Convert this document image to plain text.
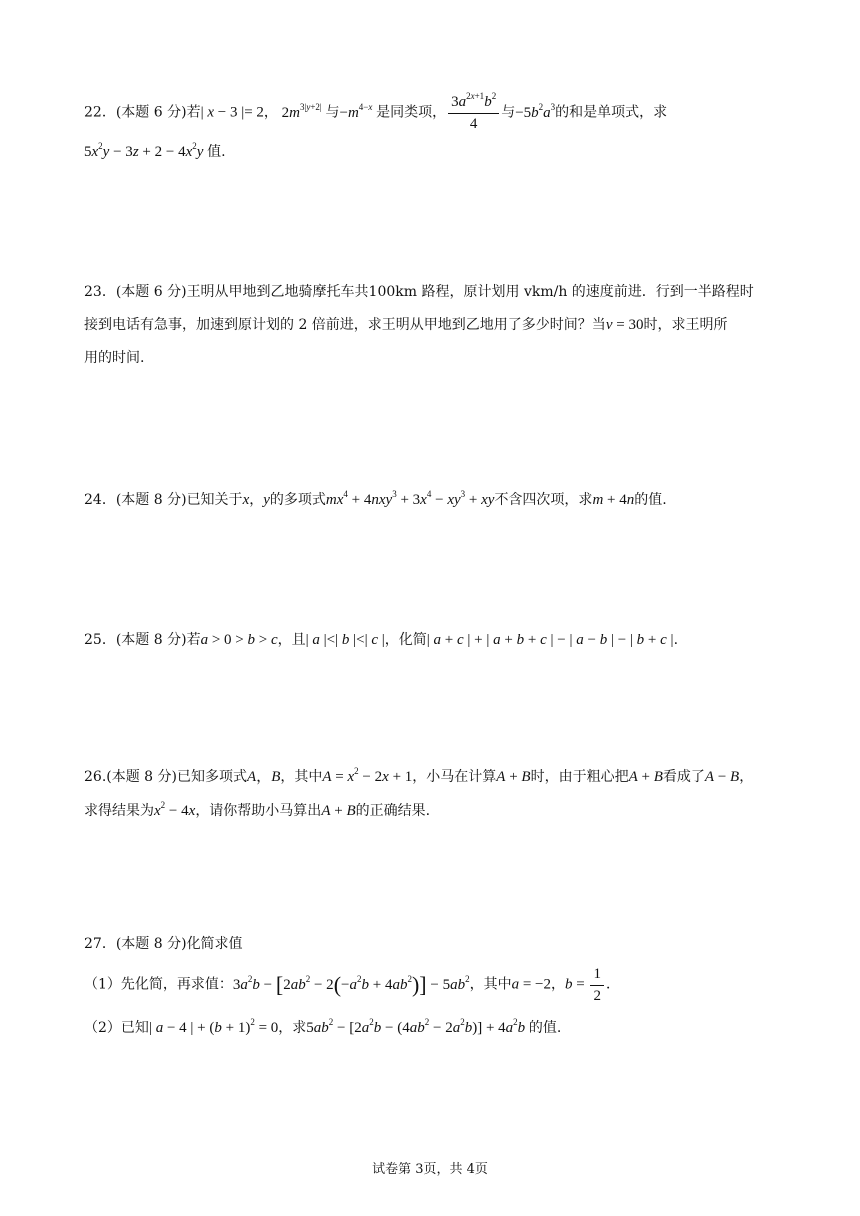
22．(本题 6 分)若| x − 3 |= 2， $2m^{3|y+2|}$ 与$-m^{4-x}$ 是同类项， $\frac{3a^{2x+1}b^2}{4}$ 与$-5b^2a^3$的和是单项式，求
$5x^2y - 3z + 2 - 4x^2y$ 值.
23．(本题 6 分)王明从甲地到乙地骑摩托车共100km 路程，原计划用 vkm/h 的速度前进．行到一半路程时
接到电话有急事，加速到原计划的 2 倍前进，求王明从甲地到乙地用了多少时间？当v = 30时，求王明所
用的时间.
24．(本题 8 分)已知关于x，y的多项式$mx^4 + 4nxy^3 + 3x^4 - xy^3$ + xy不含四次项，求m + 4n的值.
25．(本题 8 分)若a > 0 > b > c，且| a |<| b |<| c |，化简| a + c | + | a + b + c | − | a − b | − | b + c |.
26.(本题 8 分)已知多项式A，B，其中$A = x^2 - 2x + 1$，小马在计算A + B时，由于粗心把A + B看成了A − B，
求得结果为$x^2 - 4x$，请你帮助小马算出A + B的正确结果.
27．(本题 8 分)化简求值
（1）先化简，再求值：$3a^2b - [2ab^2 - 2(-a^2b + 4ab^2)] - 5ab^2$，其中a = −2，$b = \frac{1}{2}$ ．
（2）已知| a − 4 | + $(b + 1)^2 = 0$，求$5ab^2 - [2a^2b - (4ab^2 - 2a^2b)] + 4a^2b$ 的值.
试卷第 3页，共 4页
